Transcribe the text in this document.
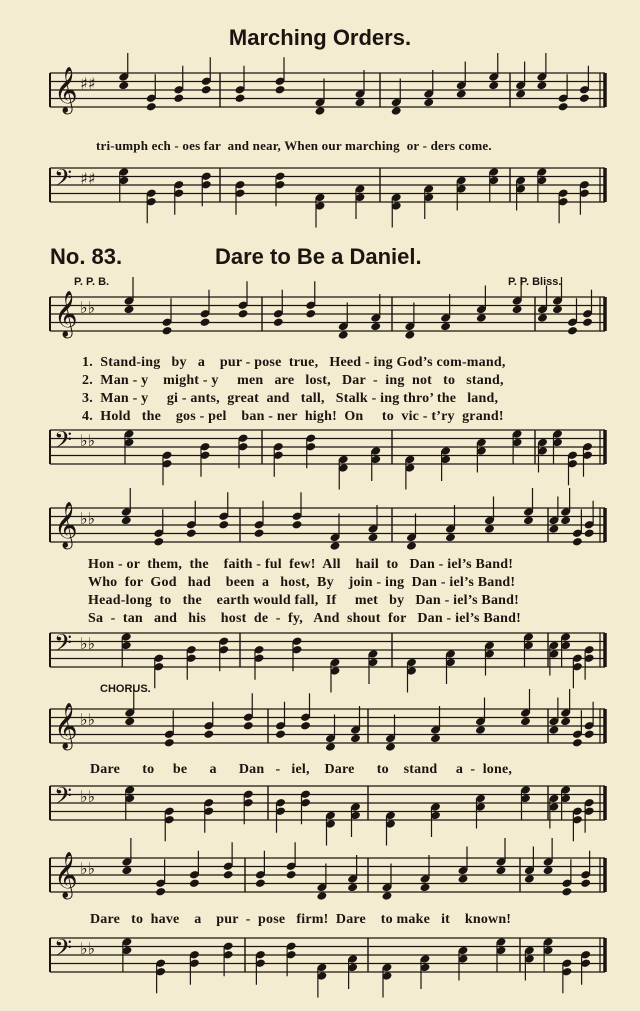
𝄞 ♯♯
𝄢 ♯♯
𝄞 ♭♭
𝄢 ♭♭
𝄞 ♭♭
𝄢 ♭♭
𝄞 ♭♭
𝄢 ♭♭
𝄞 ♭♭
𝄢 ♭♭
Marching Orders.
tri-umph ech - oes far  and near, When our marching  or - ders come.
No. 83.	Dare to Be a Daniel.
P. P. B.	P. P. Bliss.
1.  Stand-ing   by   a    pur - pose  true,   Heed - ing God’s com-mand,
2.  Man - y    might - y     men   are   lost,   Dar  -  ing  not   to   stand,
3.  Man - y     gi - ants,  great  and   tall,   Stalk - ing thro’ the   land,
4.  Hold   the    gos - pel    ban - ner  high!  On     to  vic - t’ry  grand!
Hon - or  them,  the    faith - ful  few!  All    hail  to   Dan - iel’s Band!
Who  for  God   had    been  a   host,  By    join - ing  Dan - iel’s Band!
Head-long  to   the    earth would fall,  If     met   by   Dan - iel’s Band!
Sa  -  tan   and   his    host  de  -  fy,   And  shout  for   Dan - iel’s Band!
CHORUS.
Dare      to     be      a      Dan   -   iel,    Dare      to    stand     a  -  lone,
Dare   to  have    a    pur  -  pose   firm!  Dare    to make   it    known!
